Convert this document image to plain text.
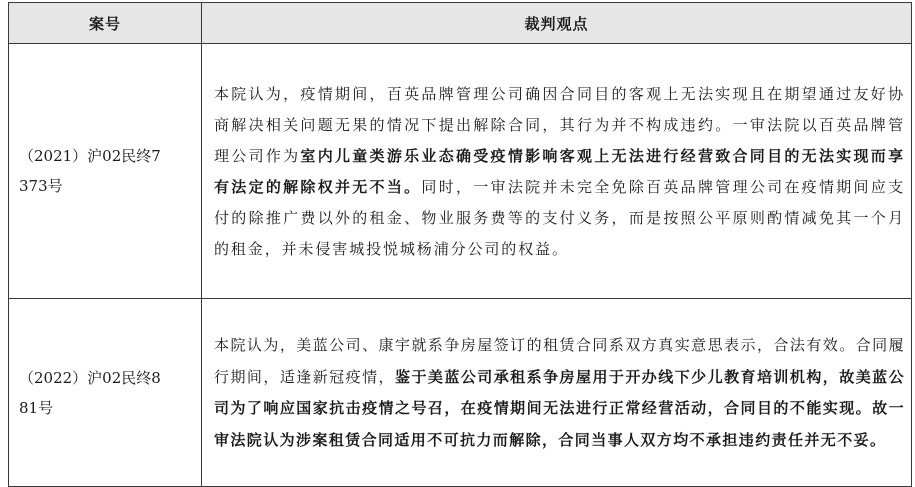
案号	裁判观点

（2021）沪02民终7
373号	本院认为，疫情期间，百英品牌管理公司确因合同目的客观上无法实现且在期望通过友好协商解决相关问题无果的情况下提出解除合同，其行为并不构成违约。一审法院以百英品牌管理公司作为室内儿童类游乐业态确受疫情影响客观上无法进行经营致合同目的无法实现而享有法定的解除权并无不当。同时，一审法院并未完全免除百英品牌管理公司在疫情期间应支付的除推广费以外的租金、物业服务费等的支付义务，而是按照公平原则酌情减免其一个月的租金，并未侵害城投悦城杨浦分公司的权益。

（2022）沪02民终8
81号	本院认为，美蓝公司、康宇就系争房屋签订的租赁合同系双方真实意思表示，合法有效。合同履行期间，适逢新冠疫情，鉴于美蓝公司承租系争房屋用于开办线下少儿教育培训机构，故美蓝公司为了响应国家抗击疫情之号召，在疫情期间无法进行正常经营活动，合同目的不能实现。故一审法院认为涉案租赁合同适用不可抗力而解除，合同当事人双方均不承担违约责任并无不妥。
